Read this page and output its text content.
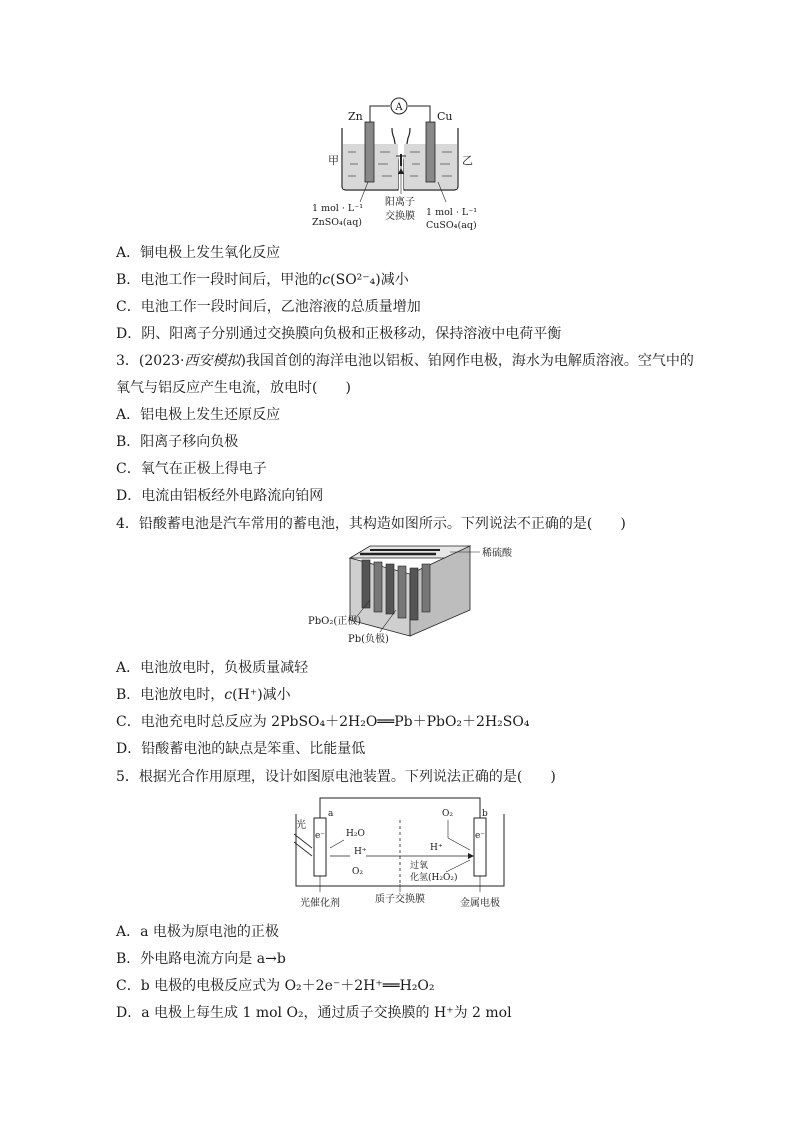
A
Zn	Cu
甲	乙
1 mol · L⁻¹
ZnSO₄(aq)
阳离子
交换膜 1 mol · L⁻¹
CuSO₄(aq)
A．铜电极上发生氧化反应
B．电池工作一段时间后，甲池的c(SO²⁻₄)减小
C．电池工作一段时间后，乙池溶液的总质量增加
D．阴、阳离子分别通过交换膜向负极和正极移动，保持溶液中电荷平衡
3．(2023·西安模拟)我国首创的海洋电池以铝板、铂网作电极，海水为电解质溶液。空气中的
氧气与铝反应产生电流，放电时(　　)
A．铝电极上发生还原反应
B．阳离子移向负极
C．氧气在正极上得电子
D．电流由铝板经外电路流向铂网
4．铅酸蓄电池是汽车常用的蓄电池，其构造如图所示。下列说法不正确的是(　　)
稀硫酸
PbO₂(正极)
Pb(负极)
A．电池放电时，负极质量减轻
B．电池放电时，c(H⁺)减小
C．电池充电时总反应为 2PbSO₄＋2H₂O══Pb＋PbO₂＋2H₂SO₄
D．铅酸蓄电池的缺点是笨重、比能量低
5．根据光合作用原理，设计如图原电池装置。下列说法正确的是(　　)
e⁻	e⁻
a	b
光
H₂O
H⁺
O₂
H⁺
O₂
过氧
化氢(H₂O₂)
光催化剂	质子交换膜	金属电极
A．a 电极为原电池的正极
B．外电路电流方向是 a→b
C．b 电极的电极反应式为 O₂＋2e⁻＋2H⁺══H₂O₂
D．a 电极上每生成 1 mol O₂，通过质子交换膜的 H⁺为 2 mol
